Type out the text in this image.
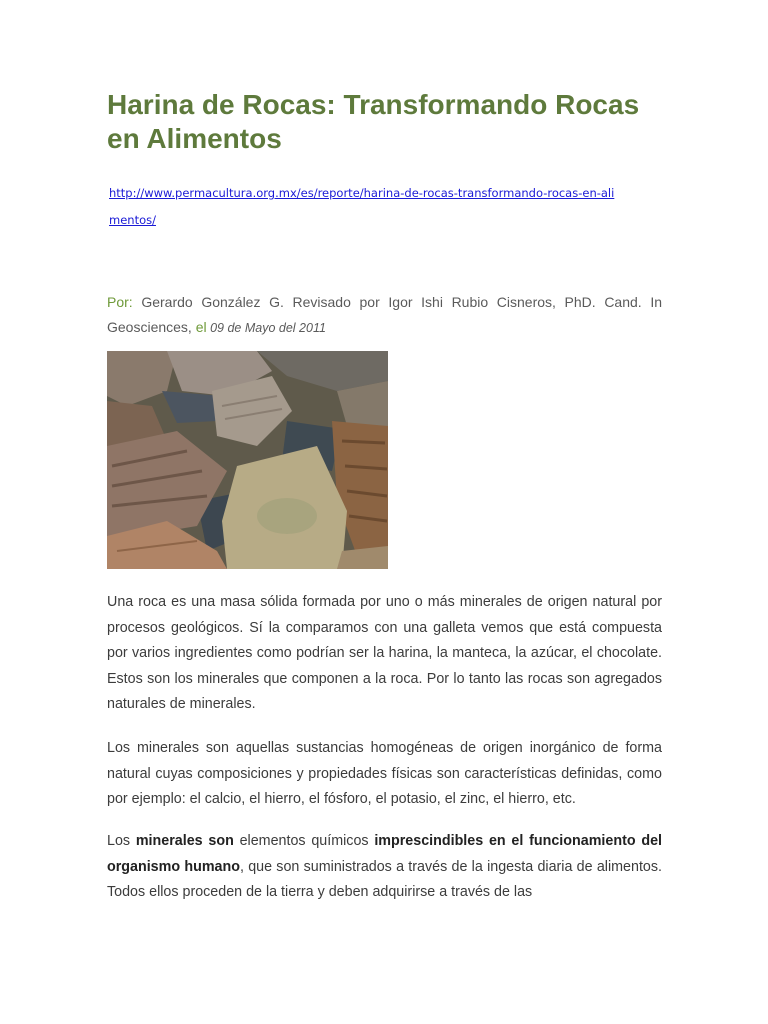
Harina de Rocas: Transformando Rocas en Alimentos
http://www.permacultura.org.mx/es/reporte/harina-de-rocas-transformando-rocas-en-alimentos/
Por: Gerardo González G. Revisado por Igor Ishi Rubio Cisneros, PhD. Cand. In Geosciences, el 09 de Mayo del 2011

Una roca es una masa sólida formada por uno o más minerales de origen natural por procesos geológicos. Sí la comparamos con una galleta vemos que está compuesta por varios ingredientes como podrían ser la harina, la manteca, la azúcar, el chocolate. Estos son los minerales que componen a la roca. Por lo tanto las rocas son agregados naturales de minerales.

Los minerales son aquellas sustancias homogéneas de origen inorgánico de forma natural cuyas composiciones y propiedades físicas son características definidas, como por ejemplo: el calcio, el hierro, el fósforo, el potasio, el zinc, el hierro, etc.

Los minerales son elementos químicos imprescindibles en el funcionamiento del organismo humano, que son suministrados a través de la ingesta diaria de alimentos. Todos ellos proceden de la tierra y deben adquirirse a través de las
